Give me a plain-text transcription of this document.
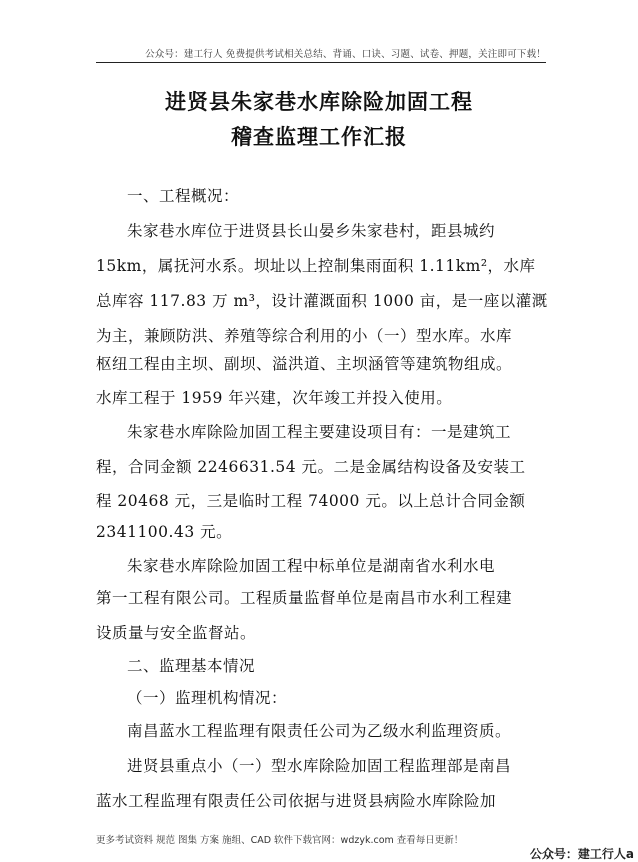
公众号：建工行人 免费提供考试相关总结、背诵、口诀、习题、试卷、押题，关注即可下载！
进贤县朱家巷水库除险加固工程
稽查监理工作汇报
一、工程概况：
朱家巷水库位于进贤县长山晏乡朱家巷村，距县城约
15km，属抚河水系。坝址以上控制集雨面积 1.11km²，水库
总库容 117.83 万 m³，设计灌溉面积 1000 亩，是一座以灌溉
为主，兼顾防洪、养殖等综合利用的小（一）型水库。水库
枢纽工程由主坝、副坝、溢洪道、主坝涵管等建筑物组成。
水库工程于 1959 年兴建，次年竣工并投入使用。
朱家巷水库除险加固工程主要建设项目有：一是建筑工
程，合同金额 2246631.54 元。二是金属结构设备及安装工
程 20468 元，三是临时工程 74000 元。以上总计合同金额
2341100.43 元。
朱家巷水库除险加固工程中标单位是湖南省水利水电
第一工程有限公司。工程质量监督单位是南昌市水利工程建
设质量与安全监督站。
二、监理基本情况
（一）监理机构情况：
南昌蓝水工程监理有限责任公司为乙级水利监理资质。
进贤县重点小（一）型水库除险加固工程监理部是南昌
蓝水工程监理有限责任公司依据与进贤县病险水库除险加
更多考试资料 规范 图集 方案 施组、CAD 软件下载官网：wdzyk.com 查看每日更新！
公众号：建工行人a
